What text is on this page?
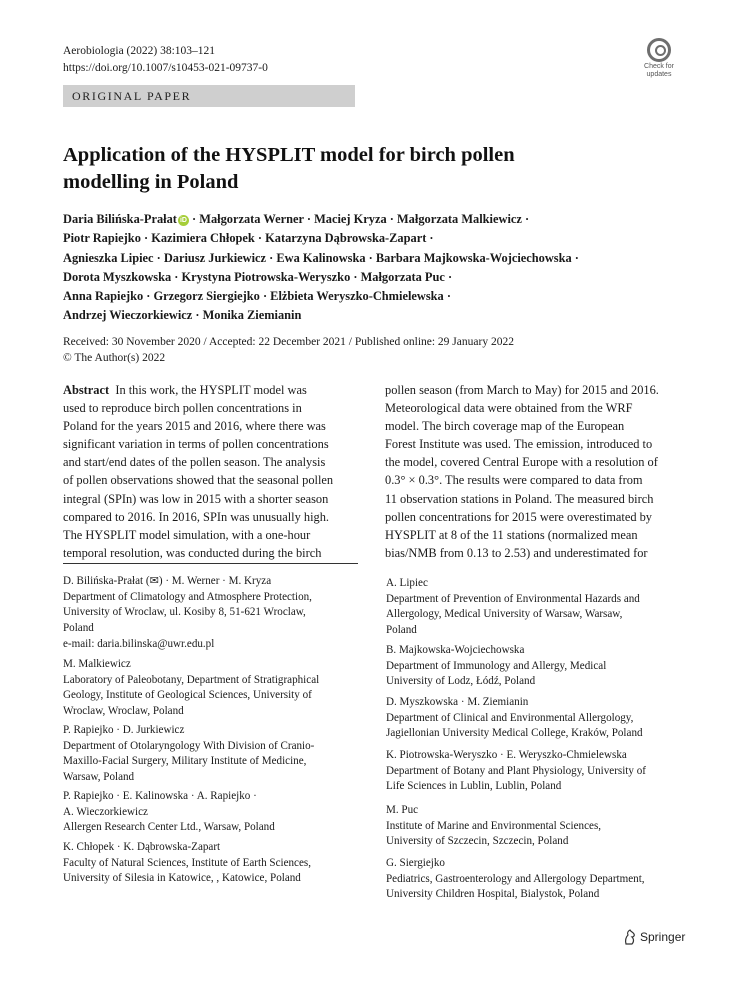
Aerobiologia (2022) 38:103–121
https://doi.org/10.1007/s10453-021-09737-0	Check for
updates
ORIGINAL PAPER
Application of the HYSPLIT model for birch pollen
modelling in Poland
Daria Bilińska-Prałat iD · Małgorzata Werner · Maciej Kryza · Małgorzata Malkiewicz ·
Piotr Rapiejko · Kazimiera Chłopek · Katarzyna Dąbrowska-Zapart ·
Agnieszka Lipiec · Dariusz Jurkiewicz · Ewa Kalinowska · Barbara Majkowska-Wojciechowska ·
Dorota Myszkowska · Krystyna Piotrowska-Weryszko · Małgorzata Puc ·
Anna Rapiejko · Grzegorz Siergiejko · Elżbieta Weryszko-Chmielewska ·
Andrzej Wieczorkiewicz · Monika Ziemianin
Received: 30 November 2020 / Accepted: 22 December 2021 / Published online: 29 January 2022
© The Author(s) 2022
Abstract In this work, the HYSPLIT model was
used to reproduce birch pollen concentrations in
Poland for the years 2015 and 2016, where there was
significant variation in terms of pollen concentrations
and start/end dates of the pollen season. The analysis
of pollen observations showed that the seasonal pollen
integral (SPIn) was low in 2015 with a shorter season
compared to 2016. In 2016, SPIn was unusually high.
The HYSPLIT model simulation, with a one-hour
temporal resolution, was conducted during the birch
pollen season (from March to May) for 2015 and 2016.
Meteorological data were obtained from the WRF
model. The birch coverage map of the European
Forest Institute was used. The emission, introduced to
the model, covered Central Europe with a resolution of
0.3° × 0.3°. The results were compared to data from
11 observation stations in Poland. The measured birch
pollen concentrations for 2015 were overestimated by
HYSPLIT at 8 of the 11 stations (normalized mean
bias/NMB from 0.13 to 2.53) and underestimated for
D. Bilińska-Prałat (✉) · M. Werner · M. Kryza
Department of Climatology and Atmosphere Protection,
University of Wroclaw, ul. Kosiby 8, 51-621 Wroclaw,
Poland
e-mail: daria.bilinska@uwr.edu.pl
M. Malkiewicz
Laboratory of Paleobotany, Department of Stratigraphical
Geology, Institute of Geological Sciences, University of
Wroclaw, Wroclaw, Poland
P. Rapiejko · D. Jurkiewicz
Department of Otolaryngology With Division of Cranio-
Maxillo-Facial Surgery, Military Institute of Medicine,
Warsaw, Poland
P. Rapiejko · E. Kalinowska · A. Rapiejko ·
A. Wieczorkiewicz
Allergen Research Center Ltd., Warsaw, Poland
K. Chłopek · K. Dąbrowska-Zapart
Faculty of Natural Sciences, Institute of Earth Sciences,
University of Silesia in Katowice, , Katowice, Poland
A. Lipiec
Department of Prevention of Environmental Hazards and
Allergology, Medical University of Warsaw, Warsaw,
Poland
B. Majkowska-Wojciechowska
Department of Immunology and Allergy, Medical
University of Lodz, Łódź, Poland
D. Myszkowska · M. Ziemianin
Department of Clinical and Environmental Allergology,
Jagiellonian University Medical College, Kraków, Poland
K. Piotrowska-Weryszko · E. Weryszko-Chmielewska
Department of Botany and Plant Physiology, University of
Life Sciences in Lublin, Lublin, Poland
M. Puc
Institute of Marine and Environmental Sciences,
University of Szczecin, Szczecin, Poland
G. Siergiejko
Pediatrics, Gastroenterology and Allergology Department,
University Children Hospital, Bialystok, Poland
Springer
